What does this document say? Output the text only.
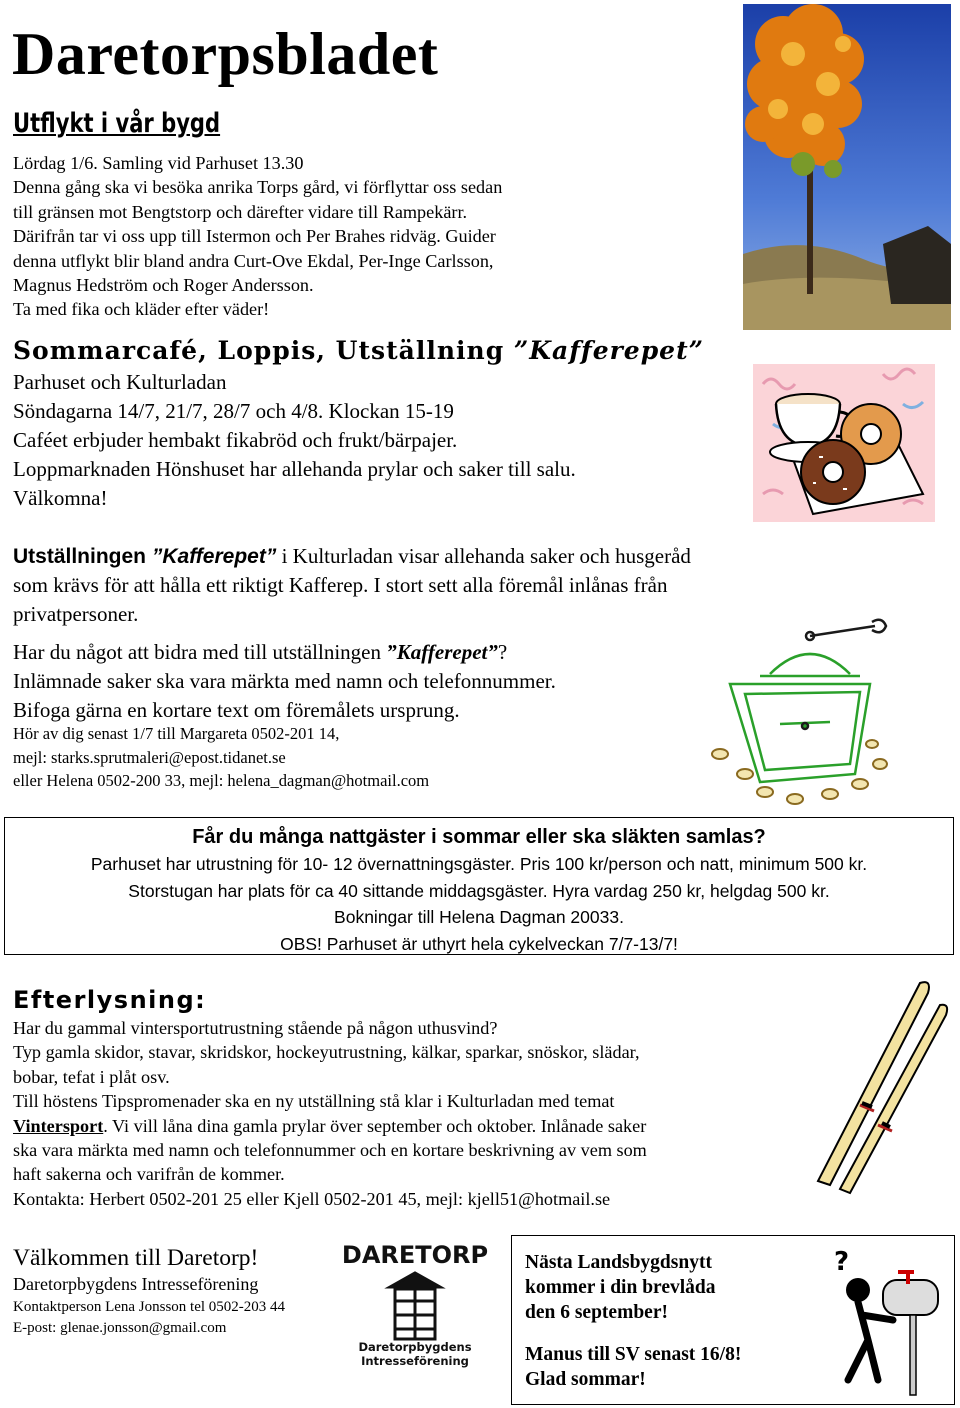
Daretorpsbladet
Utflykt i vår bygd
Lördag 1/6. Samling vid Parhuset 13.30
Denna gång ska vi besöka anrika Torps gård, vi förflyttar oss sedan
till gränsen mot Bengtstorp och därefter vidare till Rampekärr.
Därifrån tar vi oss upp till Istermon och Per Brahes ridväg. Guider
denna utflykt blir bland andra Curt-Ove Ekdal, Per-Inge Carlsson,
Magnus Hedström och Roger Andersson.
Ta med fika och kläder efter väder!
Sommarcafé, Loppis, Utställning ”Kafferepet”
Parhuset och Kulturladan
Söndagarna 14/7, 21/7, 28/7 och 4/8. Klockan 15-19
Caféet erbjuder hembakt fikabröd och frukt/bärpajer.
Loppmarknaden Hönshuset har allehanda prylar och saker till salu.
Välkomna!
Utställningen ”Kafferepet” i Kulturladan visar allehanda saker och husgeråd
som krävs för att hålla ett riktigt Kafferep. I stort sett alla föremål inlånas från
privatpersoner.
Har du något att bidra med till utställningen ”Kafferepet”?
Inlämnade saker ska vara märkta med namn och telefonnummer.
Bifoga gärna en kortare text om föremålets ursprung.
Hör av dig senast 1/7 till Margareta 0502-201 14,
mejl: starks.sprutmaleri@epost.tidanet.se
eller Helena 0502-200 33, mejl: helena_dagman@hotmail.com
Får du många nattgäster i sommar eller ska släkten samlas?
Parhuset har utrustning för 10- 12 övernattningsgäster. Pris 100 kr/person och natt, minimum 500 kr.
Storstugan har plats för ca 40 sittande middagsgäster. Hyra vardag 250 kr, helgdag 500 kr.
Bokningar till Helena Dagman 20033.
OBS! Parhuset är uthyrt hela cykelveckan 7/7-13/7!
Efterlysning:
Har du gammal vintersportutrustning stående på någon uthusvind?
Typ gamla skidor, stavar, skridskor, hockeyutrustning, kälkar, sparkar, snöskor, slädar,
bobar, tefat i plåt osv.
Till höstens Tipspromenader ska en ny utställning stå klar i Kulturladan med temat
Vintersport. Vi vill låna dina gamla prylar över september och oktober. Inlånade saker
ska vara märkta med namn och telefonnummer och en kortare beskrivning av vem som
haft sakerna och varifrån de kommer.
Kontakta: Herbert 0502-201 25 eller Kjell 0502-201 45, mejl: kjell51@hotmail.se
Välkommen till Daretorp!
Daretorpbygdens Intresseförening
Kontaktperson Lena Jonsson tel 0502-203 44
E-post: glenae.jonsson@gmail.com
DARETORP
Daretorpbygdens
Intresseförening
Nästa Landsbygdsnytt
kommer i din brevlåda
den 6 september!
Manus till SV senast 16/8!
Glad sommar!
?
